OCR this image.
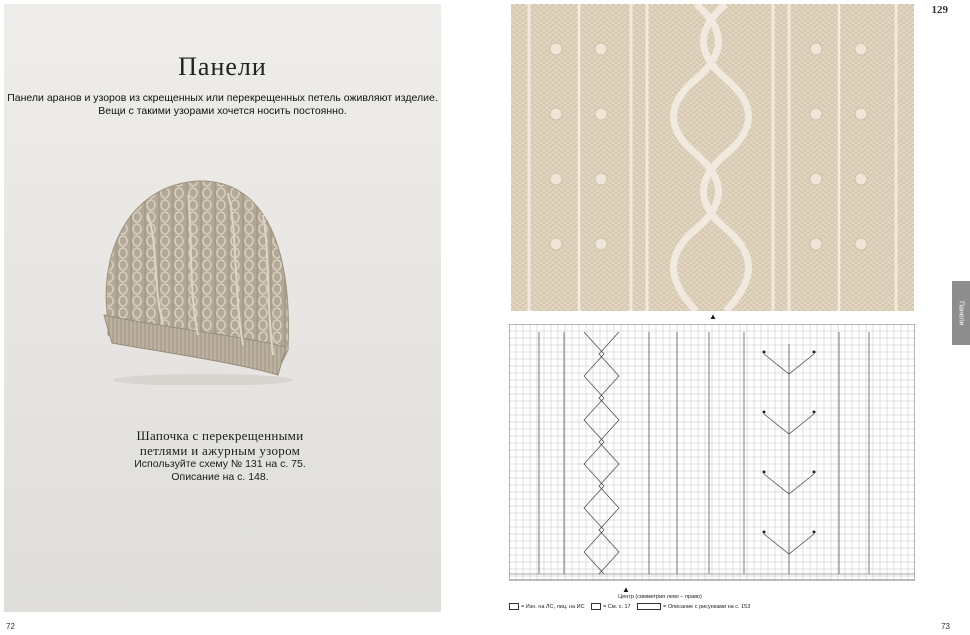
Панели
Панели аранов и узоров из скрещенных или перекрещенных петель оживляют изделие.
Вещи с такими узорами хочется носить постоянно.
Шапочка с перекрещенными
петлями и ажурным узором
Используйте схему № 131 на с. 75.
Описание на с. 148.
72
▲
129
Панели
▲
Центр (симметрия лево – право)
= Изн. на ЛС, лиц. на ИС	= См. с. 17	= Описание с рисунками на с. 153
73
